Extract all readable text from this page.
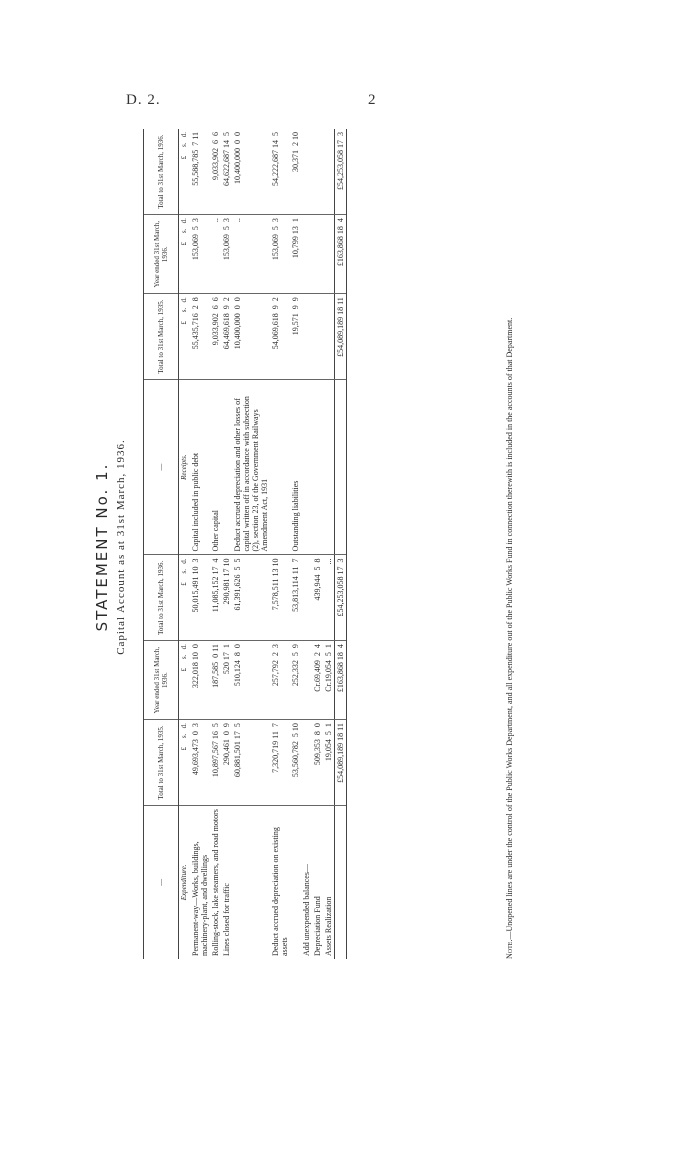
D. 2.	2
STATEMENT No. 1. Capital Account as at 31st March, 1936.
—	Total to 31st March, 1935.	Year ended 31st March, 1936.	Total to 31st March, 1936.	—	Total to 31st March, 1935.	Year ended 31st March, 1936.	Total to 31st March, 1936.
Expenditure.	£     s.   d.	£     s.   d.	£     s.   d.	Receipts.	£     s.   d.	£     s.   d.	£     s.   d.
Permanent-way—Works, buildings, machinery-plant, and dwellings	49,693,473  0  3	322,018 10  0	50,015,491 10  3	Capital included in public debt	55,435,716  2  8	153,069  5  3	55,588,785  7 11
Rolling-stock, lake steamers, and road motors	10,897,567 16  5	187,585  0 11	11,085,152 17  4	Other capital	9,033,902  6  6	..	9,033,902  6  6
Lines closed for traffic	290,461  0  9	520 17  1	290,981 17 10		64,469,618  9  2	153,069  5  3	64,622,687 14  5
	60,881,501 17  5	510,124  8  0	61,391,626  5  5	Deduct accrued depreciation and other losses of capital written off in accordance with subsection (2), section 23, of the Government Railways Amendment Act, 1931	10,400,000  0  0	..	10,400,000  0  0
Deduct accrued depreciation on existing assets	7,320,719 11  7	257,792  2  3	7,578,511 13 10		54,069,618  9  2	153,069  5  3	54,222,687 14  5
	53,560,782  5 10	252,332  5  9	53,813,114 11  7	Outstanding liabilities	19,571  9  9	10,799 13  1	30,371  2 10
Add unexpended balances—							
Depreciation Fund	509,353  8  0	Cr.69,409  2  4	439,944  5  8				
Assets Realization	19,054  5  1	Cr.19,054  5  1	...				
	£54,089,189 18 11	£163,868 18  4	£54,253,058 17  3		£54,089,189 18 11	£163,868 18  4	£54,253,058 17  3
Note.—Unopened lines are under the control of the Public Works Department, and all expenditure out of the Public Works Fund in connection therewith is included in the accounts of that Department.
